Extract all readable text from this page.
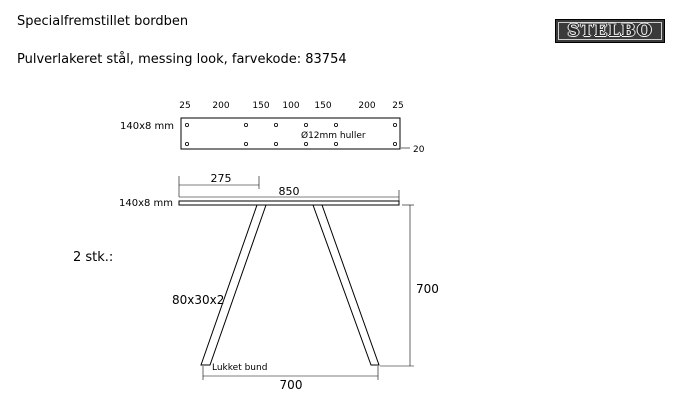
Specialfremstillet bordben
Pulverlakeret stål, messing look, farvekode: 83754
2 stk.:
STELBO
25 200	150 100 150	200 25
140x8 mm
Ø12mm huller
20
275
850
140x8 mm
700
80x30x2
Lukket bund
700
